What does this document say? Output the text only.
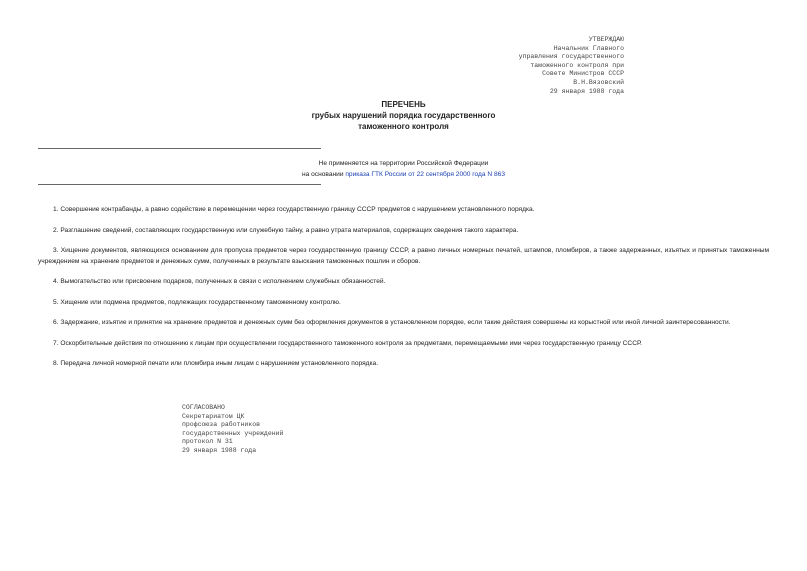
УТВЕРЖДАЮ
Начальник Главного
управления государственного
таможенного контроля при
Совете Министров СССР
В.Н.Вязовский
29 января 1988 года
ПЕРЕЧЕНЬ
грубых нарушений порядка государственного
таможенного контроля
Не применяется на территории Российской Федерации
на основании приказа ГТК России от 22 сентября 2000 года N 863

1. Совершение контрабанды, а равно содействие в перемещении через государственную границу СССР предметов с нарушением установленного порядка.

2. Разглашение сведений, составляющих государственную или служебную тайну, а равно утрата материалов, содержащих сведения такого характера.

3. Хищение документов, являющихся основанием для пропуска предметов через государственную границу СССР, а равно личных номерных печатей, штампов, пломбиров, а также задержанных, изъятых и принятых таможенным учреждением на хранение предметов и денежных сумм, полученных в результате взыскания таможенных пошлин и сборов.

4. Вымогательство или присвоение подарков, полученных в связи с исполнением служебных обязанностей.

5. Хищение или подмена предметов, подлежащих государственному таможенному контролю.

6. Задержание, изъятие и принятие на хранение предметов и денежных сумм без оформления документов в установленном порядке, если такие действия совершены из корыстной или иной личной заинтересованности.

7. Оскорбительные действия по отношению к лицам при осуществлении государственного таможенного контроля за предметами, перемещаемыми ими через государственную границу СССР.

8. Передача личной номерной печати или пломбира иным лицам с нарушением установленного порядка.

СОГЛАСОВАНО
Секретариатом ЦК
профсоюза работников
государственных учреждений
протокол N 31
29 января 1988 года
